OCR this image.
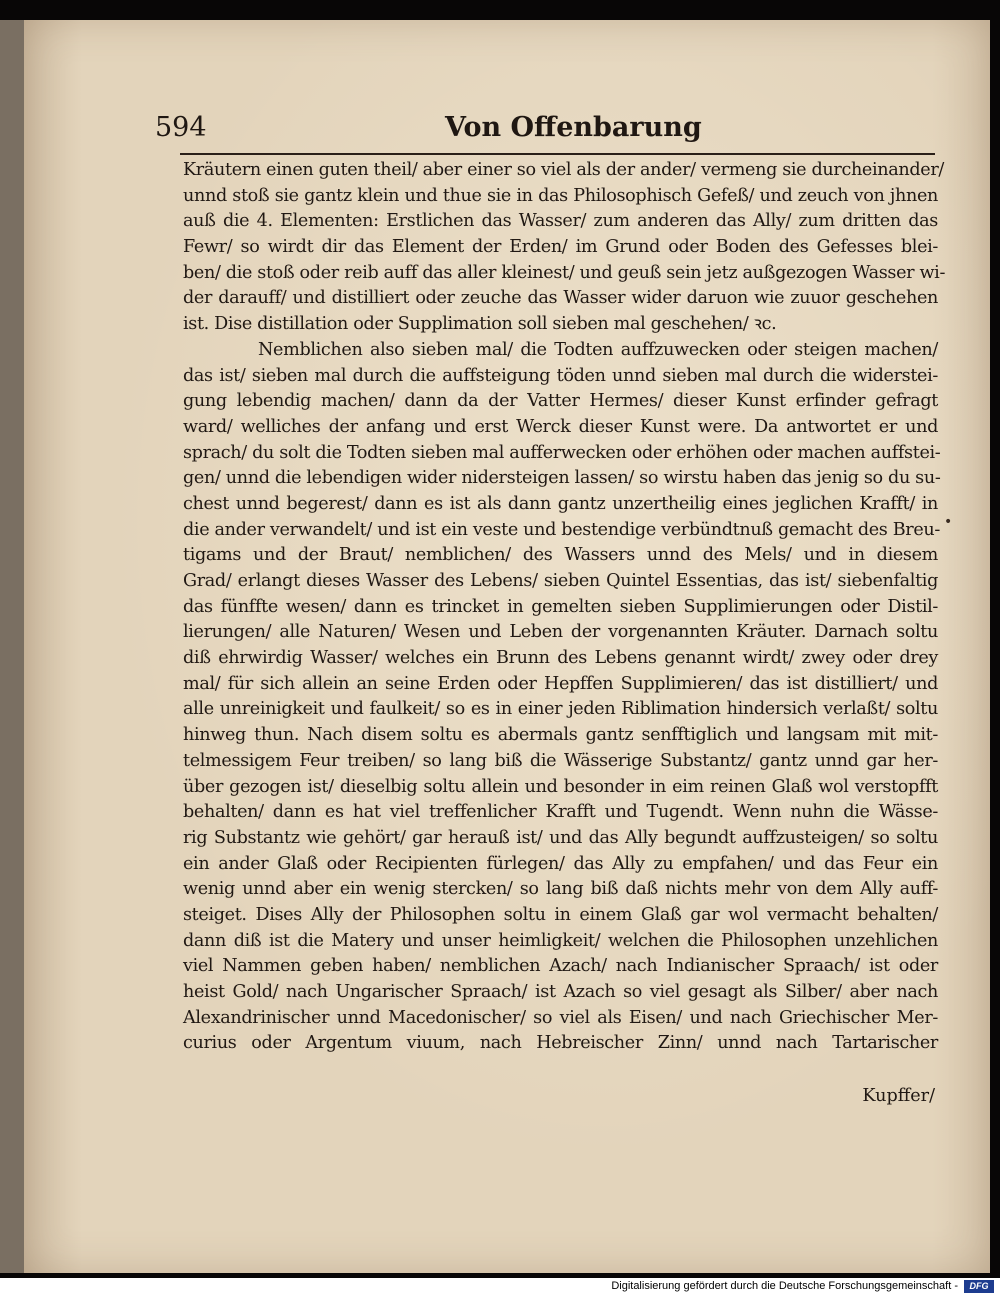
594	Von Offenbarung
Kräutern einen guten theil/ aber einer so viel als der ander/ vermeng sie durcheinander/
unnd stoß sie gantz klein und thue sie in das Philosophisch Gefeß/ und zeuch von jhnen
auß die 4. Elementen: Erstlichen das Wasser/ zum anderen das Ally/ zum dritten das
Fewr/ so wirdt dir das Element der Erden/ im Grund oder Boden des Gefesses blei-
ben/ die stoß oder reib auff das aller kleinest/ und geuß sein jetz außgezogen Wasser wi-
der darauff/ und distilliert oder zeuche das Wasser wider daruon wie zuuor geschehen
ist. Dise distillation oder Supplimation soll sieben mal geschehen/ ꝛc.
Nemblichen also sieben mal/ die Todten auffzuwecken oder steigen machen/
das ist/ sieben mal durch die auffsteigung töden unnd sieben mal durch die widerstei-
gung lebendig machen/ dann da der Vatter Hermes/ dieser Kunst erfinder gefragt
ward/ welliches der anfang und erst Werck dieser Kunst were. Da antwortet er und
sprach/ du solt die Todten sieben mal aufferwecken oder erhöhen oder machen auffstei-
gen/ unnd die lebendigen wider nidersteigen lassen/ so wirstu haben das jenig so du su-
chest unnd begerest/ dann es ist als dann gantz unzertheilig eines jeglichen Krafft/ in
die ander verwandelt/ und ist ein veste und bestendige verbündtnuß gemacht des Breu-
tigams und der Braut/ nemblichen/ des Wassers unnd des Mels/ und in diesem
Grad/ erlangt dieses Wasser des Lebens/ sieben Quintel Essentias, das ist/ siebenfaltig
das fünffte wesen/ dann es trincket in gemelten sieben Supplimierungen oder Distil-
lierungen/ alle Naturen/ Wesen und Leben der vorgenannten Kräuter. Darnach soltu
diß ehrwirdig Wasser/ welches ein Brunn des Lebens genannt wirdt/ zwey oder drey
mal/ für sich allein an seine Erden oder Hepffen Supplimieren/ das ist distilliert/ und
alle unreinigkeit und faulkeit/ so es in einer jeden Riblimation hindersich verlaßt/ soltu
hinweg thun. Nach disem soltu es abermals gantz senfftiglich und langsam mit mit-
telmessigem Feur treiben/ so lang biß die Wässerige Substantz/ gantz unnd gar her-
über gezogen ist/ dieselbig soltu allein und besonder in eim reinen Glaß wol verstopfft
behalten/ dann es hat viel treffenlicher Krafft und Tugendt. Wenn nuhn die Wässe-
rig Substantz wie gehört/ gar herauß ist/ und das Ally begundt auffzusteigen/ so soltu
ein ander Glaß oder Recipienten fürlegen/ das Ally zu empfahen/ und das Feur ein
wenig unnd aber ein wenig stercken/ so lang biß daß nichts mehr von dem Ally auff-
steiget. Dises Ally der Philosophen soltu in einem Glaß gar wol vermacht behalten/
dann diß ist die Matery und unser heimligkeit/ welchen die Philosophen unzehlichen
viel Nammen geben haben/ nemblichen Azach/ nach Indianischer Spraach/ ist oder
heist Gold/ nach Ungarischer Spraach/ ist Azach so viel gesagt als Silber/ aber nach
Alexandrinischer unnd Macedonischer/ so viel als Eisen/ und nach Griechischer Mer-
curius oder Argentum viuum, nach Hebreischer Zinn/ unnd nach Tartarischer
•
Kupffer/
Digitalisierung gefördert durch die Deutsche Forschungsgemeinschaft -	DFG
